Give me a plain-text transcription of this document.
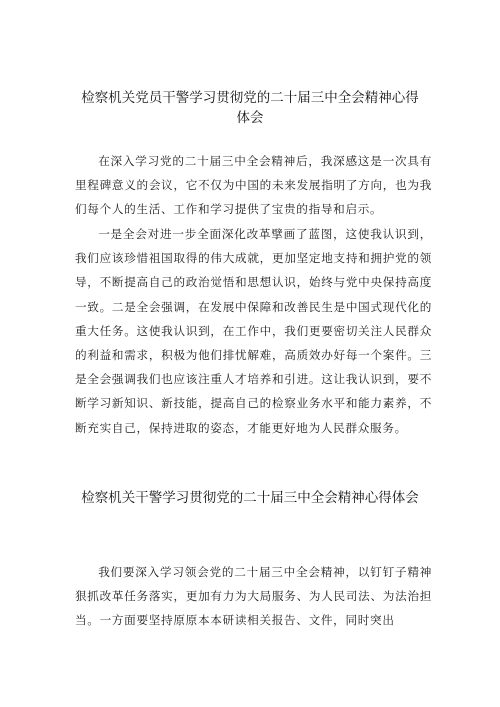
检察机关党员干警学习贯彻党的二十届三中全会精神心得体会

在深入学习党的二十届三中全会精神后，我深感这是一次具有里程碑意义的会议，它不仅为中国的未来发展指明了方向，也为我们每个人的生活、工作和学习提供了宝贵的指导和启示。

一是全会对进一步全面深化改革擘画了蓝图，这使我认识到，我们应该珍惜祖国取得的伟大成就，更加坚定地支持和拥护党的领导，不断提高自己的政治觉悟和思想认识，始终与党中央保持高度一致。二是全会强调，在发展中保障和改善民生是中国式现代化的重大任务。这使我认识到，在工作中，我们更要密切关注人民群众的利益和需求，积极为他们排忧解难，高质效办好每一个案件。三是全会强调我们也应该注重人才培养和引进。这让我认识到，要不断学习新知识、新技能，提高自己的检察业务水平和能力素养，不断充实自己，保持进取的姿态，才能更好地为人民群众服务。

检察机关干警学习贯彻党的二十届三中全会精神心得体会

我们要深入学习领会党的二十届三中全会精神，以钉钉子精神狠抓改革任务落实，更加有力为大局服务、为人民司法、为法治担当。一方面要坚持原原本本研读相关报告、文件，同时突出
